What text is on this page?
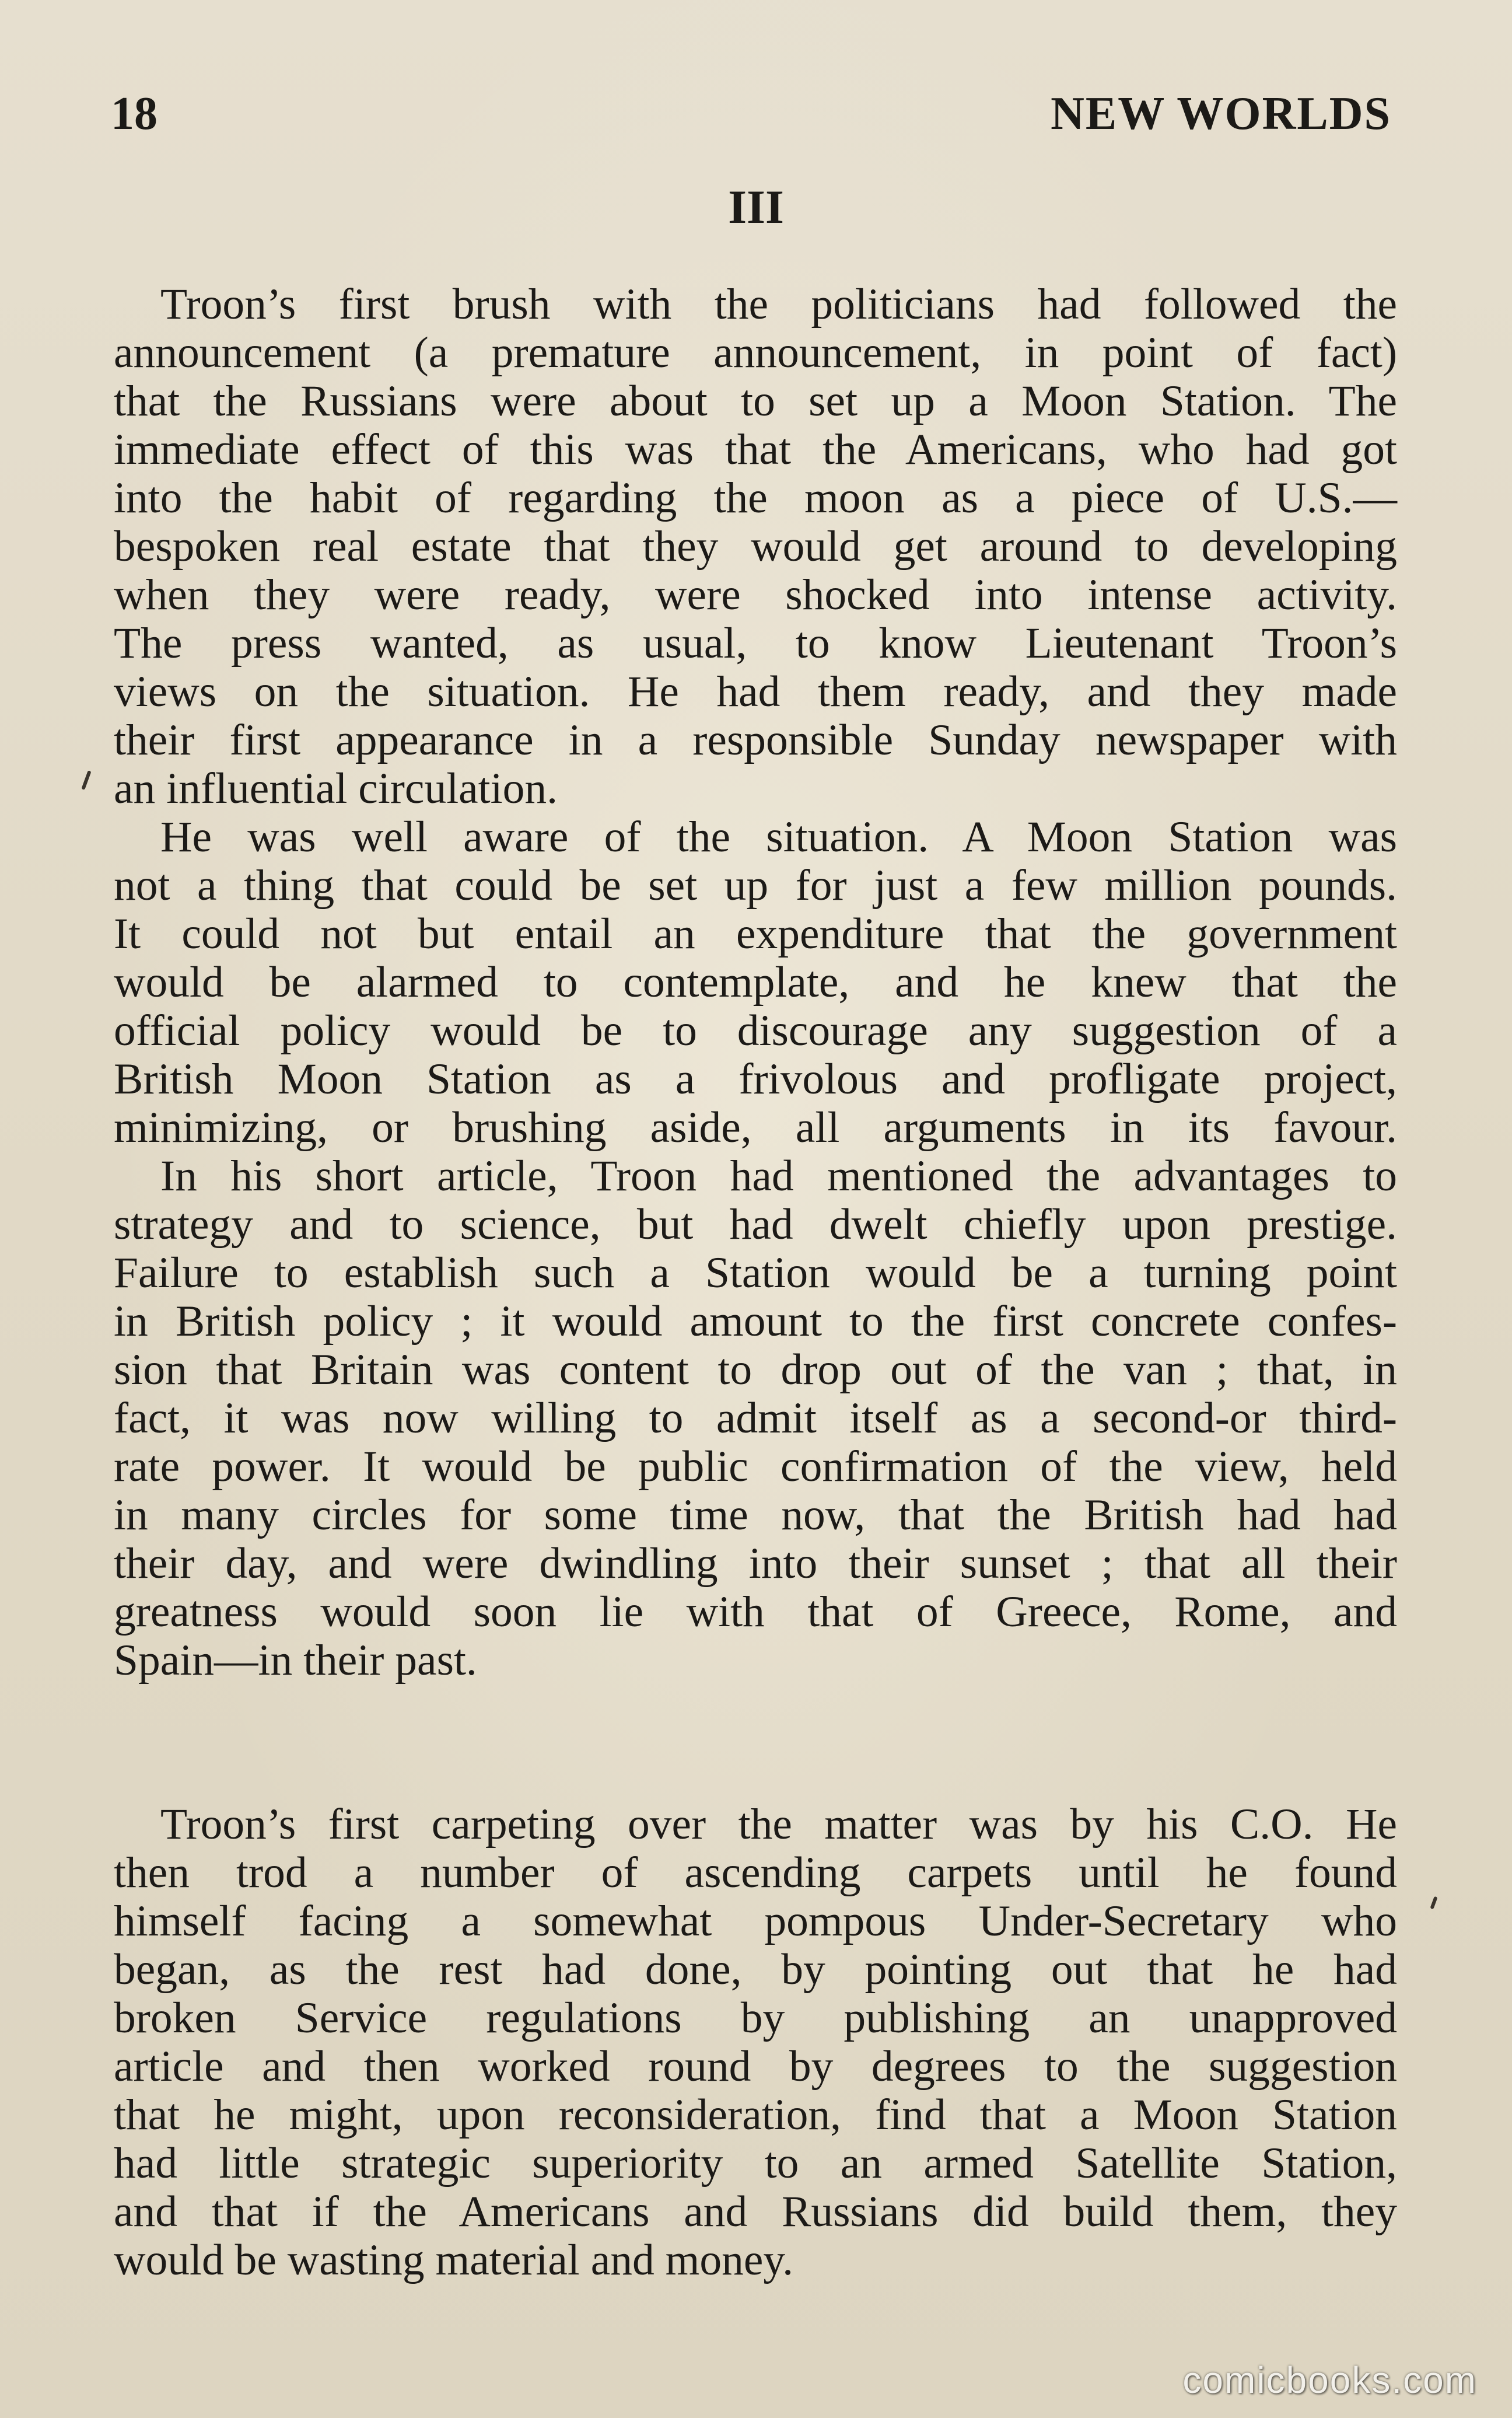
18	NEW WORLDS
III
Troon’s first brush with the politicians had followed the
announcement (a premature announcement, in point of fact)
that the Russians were about to set up a Moon Station. The
immediate effect of this was that the Americans, who had got
into the habit of regarding the moon as a piece of U.S.—
bespoken real estate that they would get around to developing
when they were ready, were shocked into intense activity.
The press wanted, as usual, to know Lieutenant Troon’s
views on the situation. He had them ready, and they made
their first appearance in a responsible Sunday newspaper with
an influential circulation.
He was well aware of the situation. A Moon Station was
not a thing that could be set up for just a few million pounds.
It could not but entail an expenditure that the government
would be alarmed to contemplate, and he knew that the
official policy would be to discourage any suggestion of a
British Moon Station as a frivolous and profligate project,
minimizing, or brushing aside, all arguments in its favour.
In his short article, Troon had mentioned the advantages to
strategy and to science, but had dwelt chiefly upon prestige.
Failure to establish such a Station would be a turning point
in British policy ; it would amount to the first concrete confes-
sion that Britain was content to drop out of the van ; that, in
fact, it was now willing to admit itself as a second-or third-
rate power. It would be public confirmation of the view, held
in many circles for some time now, that the British had had
their day, and were dwindling into their sunset ; that all their
greatness would soon lie with that of Greece, Rome, and
Spain—in their past.
Troon’s first carpeting over the matter was by his C.O. He
then trod a number of ascending carpets until he found
himself facing a somewhat pompous Under-Secretary who
began, as the rest had done, by pointing out that he had
broken Service regulations by publishing an unapproved
article and then worked round by degrees to the suggestion
that he might, upon reconsideration, find that a Moon Station
had little strategic superiority to an armed Satellite Station,
and that if the Americans and Russians did build them, they
would be wasting material and money.
comicbooks.com
